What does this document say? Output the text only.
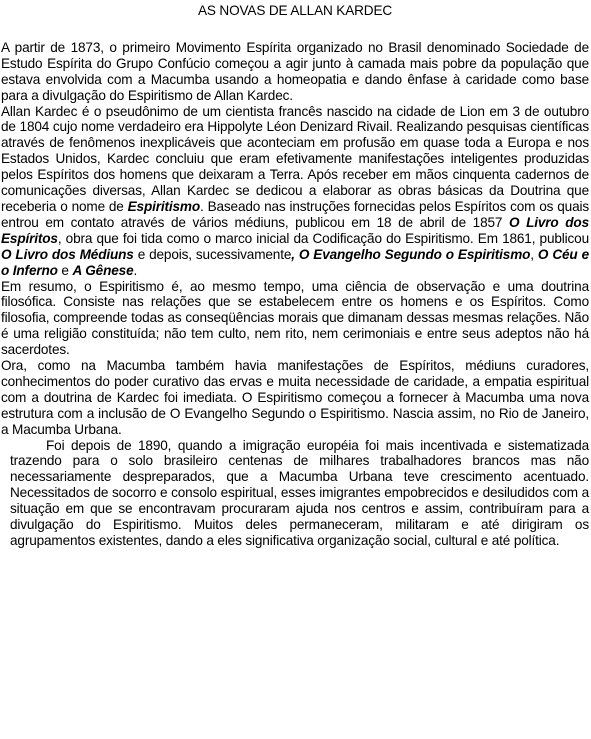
AS NOVAS DE ALLAN KARDEC

A partir de 1873, o primeiro Movimento Espírita organizado no Brasil denominado Sociedade de Estudo Espírita do Grupo Confúcio começou a agir junto à camada mais pobre da população que estava envolvida com a Macumba usando a homeopatia e dando ênfase à caridade como base para a divulgação do Espiritismo de Allan Kardec.

Allan Kardec é o pseudônimo de um cientista francês nascido na cidade de Lion em 3 de outubro de 1804 cujo nome verdadeiro era Hippolyte Léon Denizard Rivail. Realizando pesquisas científicas através de fenômenos inexplicáveis que aconteciam em profusão em quase toda a Europa e nos Estados Unidos, Kardec concluiu que eram efetivamente manifestações inteligentes produzidas pelos Espíritos dos homens que deixaram a Terra. Após receber em mãos cinquenta cadernos de comunicações diversas, Allan Kardec se dedicou a elaborar as obras básicas da Doutrina que receberia o nome de Espiritismo. Baseado nas instruções fornecidas pelos Espíritos com os quais entrou em contato através de vários médiuns, publicou em 18 de abril de 1857 O Livro dos Espíritos, obra que foi tida como o marco inicial da Codificação do Espiritismo. Em 1861, publicou O Livro dos Médiuns e depois, sucessivamente, O Evangelho Segundo o Espiritismo, O Céu e o Inferno e A Gênese.

Em resumo, o Espiritismo é, ao mesmo tempo, uma ciência de observação e uma doutrina filosófica. Consiste nas relações que se estabelecem entre os homens e os Espíritos. Como filosofia, compreende todas as conseqüências morais que dimanam dessas mesmas relações. Não é uma religião constituída; não tem culto, nem rito, nem cerimoniais e entre seus adeptos não há sacerdotes.

Ora, como na Macumba também havia manifestações de Espíritos, médiuns curadores, conhecimentos do poder curativo das ervas e muita necessidade de caridade, a empatia espiritual com a doutrina de Kardec foi imediata. O Espiritismo começou a fornecer à Macumba uma nova estrutura com a inclusão de O Evangelho Segundo o Espiritismo. Nascia assim, no Rio de Janeiro, a Macumba Urbana.

Foi depois de 1890, quando a imigração européia foi mais incentivada e sistematizada trazendo para o solo brasileiro centenas de milhares trabalhadores brancos mas não necessariamente despreparados, que a Macumba Urbana teve crescimento acentuado. Necessitados de socorro e consolo espiritual, esses imigrantes empobrecidos e desiludidos com a situação em que se encontravam procuraram ajuda nos centros e assim, contribuíram para a divulgação do Espiritismo. Muitos deles permaneceram, militaram e até dirigiram os agrupamentos existentes, dando a eles significativa organização social, cultural e até política.
